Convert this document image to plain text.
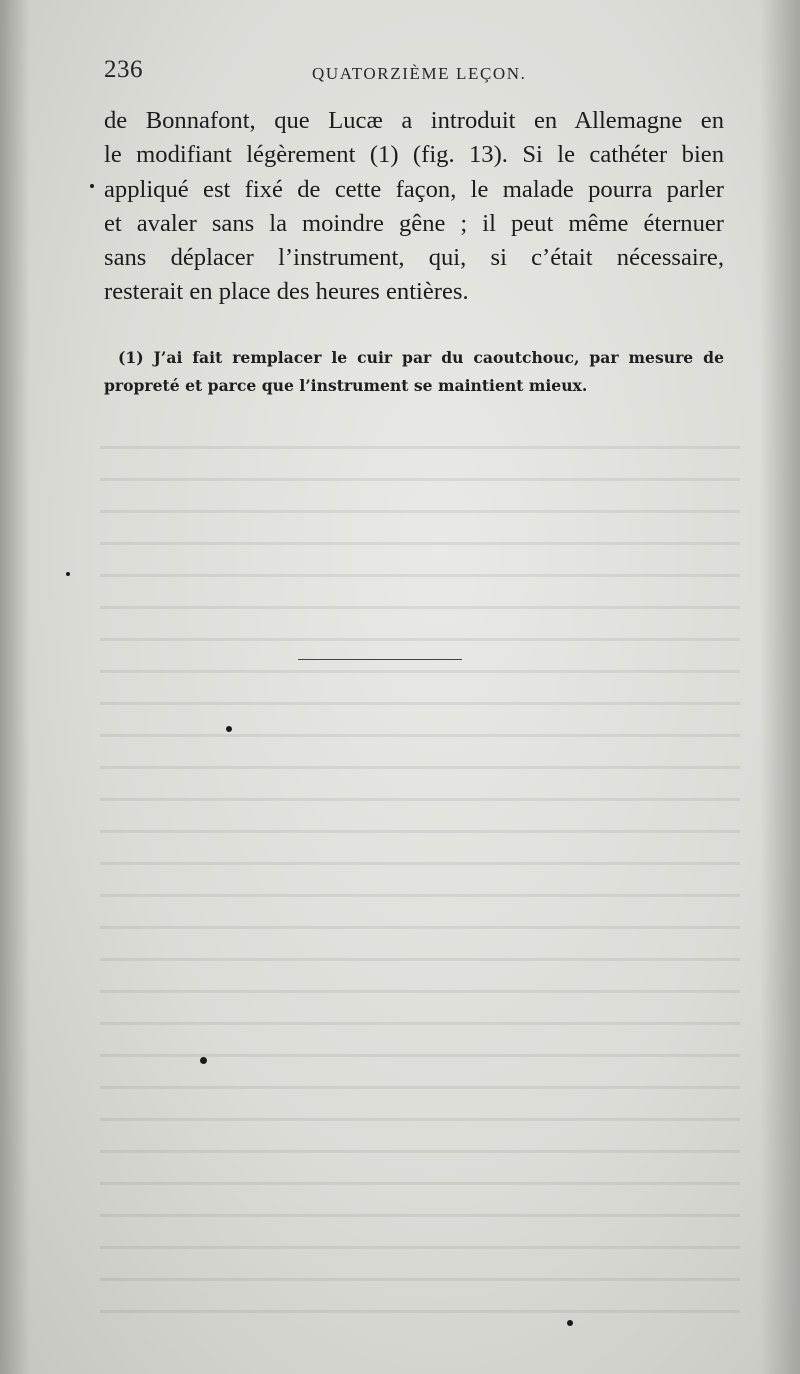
236	QUATORZIÈME LEÇON.

de Bonnafont, que Lucæ a introduit en Allemagne en
le modifiant légèrement (1) (fig. 13). Si le cathéter bien
appliqué est fixé de cette façon, le malade pourra parler
et avaler sans la moindre gêne ; il peut même éternuer
sans déplacer l’instrument, qui, si c’était nécessaire,
resterait en place des heures entières.

(1) J’ai fait remplacer le cuir par du caoutchouc, par mesure de
propreté et parce que l’instrument se maintient mieux.
